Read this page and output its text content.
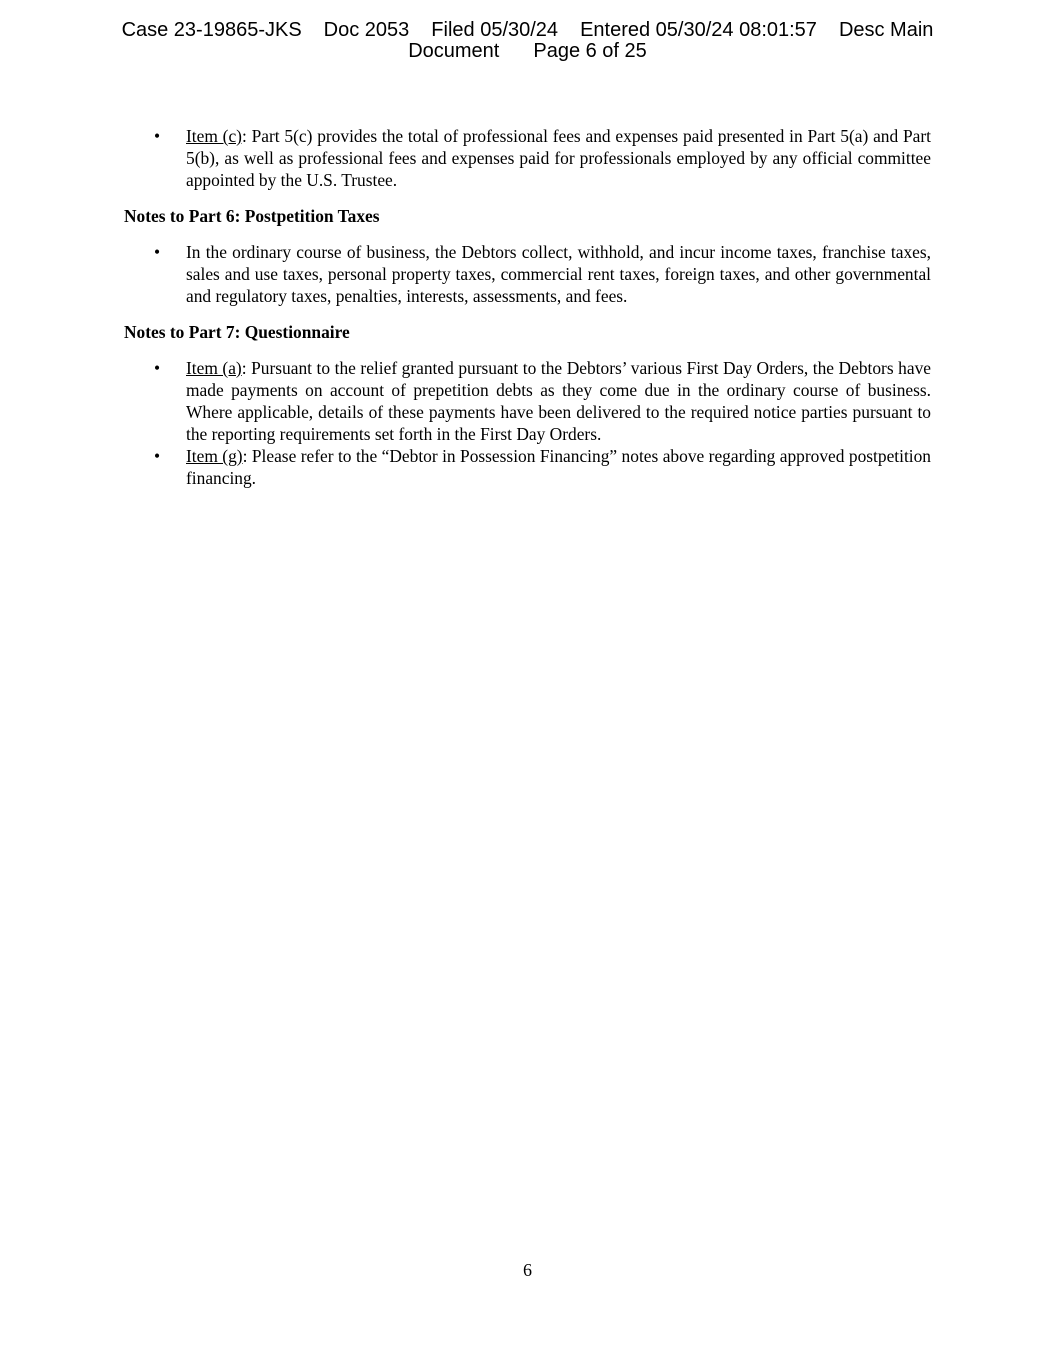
Case 23-19865-JKS Doc 2053 Filed 05/30/24 Entered 05/30/24 08:01:57 Desc Main
Document Page 6 of 25
• Item (c): Part 5(c) provides the total of professional fees and expenses paid presented in Part 5(a) and Part 5(b), as well as professional fees and expenses paid for professionals employed by any official committee appointed by the U.S. Trustee.
Notes to Part 6: Postpetition Taxes
• In the ordinary course of business, the Debtors collect, withhold, and incur income taxes, franchise taxes, sales and use taxes, personal property taxes, commercial rent taxes, foreign taxes, and other governmental and regulatory taxes, penalties, interests, assessments, and fees.
Notes to Part 7: Questionnaire
• Item (a): Pursuant to the relief granted pursuant to the Debtors’ various First Day Orders, the Debtors have made payments on account of prepetition debts as they come due in the ordinary course of business. Where applicable, details of these payments have been delivered to the required notice parties pursuant to the reporting requirements set forth in the First Day Orders.
• Item (g): Please refer to the “Debtor in Possession Financing” notes above regarding approved postpetition financing.
6
